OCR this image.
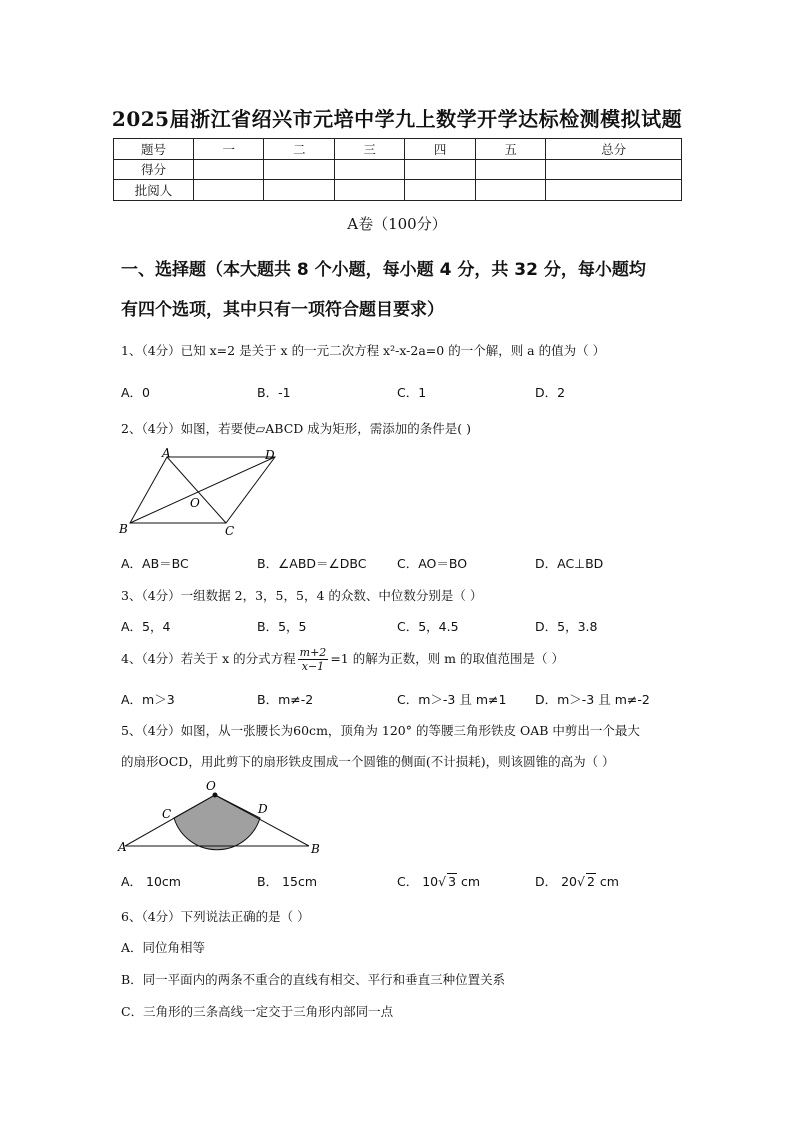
2025届浙江省绍兴市元培中学九上数学开学达标检测模拟试题
题号	一	二	三	四	五	总分
得分						
批阅人						
A卷（100分）
一、选择题（本大题共 8 个小题，每小题 4 分，共 32 分，每小题均
有四个选项，其中只有一项符合题目要求）
1、（4分）已知 x=2 是关于 x 的一元二次方程 x²-x-2a=0 的一个解，则 a 的值为（ ）
A．0	B．-1	C．1	D．2
2、（4分）如图，若要使▱ABCD 成为矩形，需添加的条件是( )
A	D
B	C
O
A．AB＝BC	B．∠ABD＝∠DBC C．AO＝BO	D．AC⊥BD
3、（4分）一组数据 2，3，5，5，4 的众数、中位数分别是（ ）
A．5，4	B．5，5	C．5，4.5	D．5，3.8
4、（4分）若关于 x 的分式方程 $\frac{m+2}{x-1} =1$ 的解为正数，则 m 的取值范围是（ ）
A．m＞3	B．m≠-2	C．m＞-3 且 m≠1 D．m＞-3 且 m≠-2
5、（4分）如图，从一张腰长为60cm，顶角为 120° 的等腰三角形铁皮 OAB 中剪出一个最大
的扇形OCD，用此剪下的扇形铁皮围成一个圆锥的侧面(不计损耗)，则该圆锥的高为（ ）
O
C	D
A	B
A． 10cm	B． 15cm	C． 10√ 3 cm	D． 20√ 2 cm
6、（4分）下列说法正确的是（ ）
A．同位角相等
B．同一平面内的两条不重合的直线有相交、平行和垂直三种位置关系
C．三角形的三条高线一定交于三角形内部同一点
